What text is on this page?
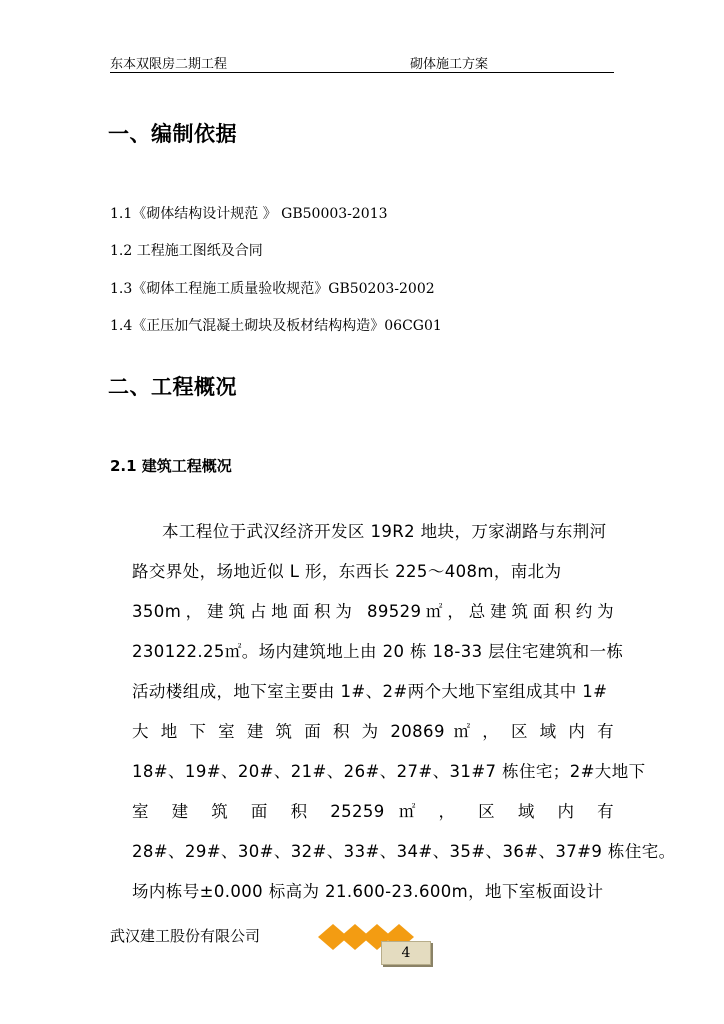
东本双限房二期工程	砌体施工方案
一、编制依据
1.1《砌体结构设计规范 》 GB50003-2013
1.2 工程施工图纸及合同
1.3《砌体工程施工质量验收规范》GB50203-2002
1.4《正压加气混凝土砌块及板材结构构造》06CG01
二、工程概况
2.1 建筑工程概况
本工程位于武汉经济开发区 19R2 地块，万家湖路与东荆河
路交界处，场地近似 L 形，东西长 225～408m，南北为
350m，建筑占地面积为 89529㎡，总建筑面积约为
230122.25㎡。场内建筑地上由 20 栋 18-33 层住宅建筑和一栋
活动楼组成，地下室主要由 1#、2#两个大地下室组成其中 1#
大 地 下 室 建 筑 面 积 为 20869 ㎡ ， 区 域 内 有
18#、19#、20#、21#、26#、27#、31#7 栋住宅；2#大地下
室 建 筑 面 积 25259 ㎡ ， 区 域 内 有
28#、29#、30#、32#、33#、34#、35#、36#、37#9 栋住宅。
场内栋号±0.000 标高为 21.600-23.600m，地下室板面设计
武汉建工股份有限公司
4
